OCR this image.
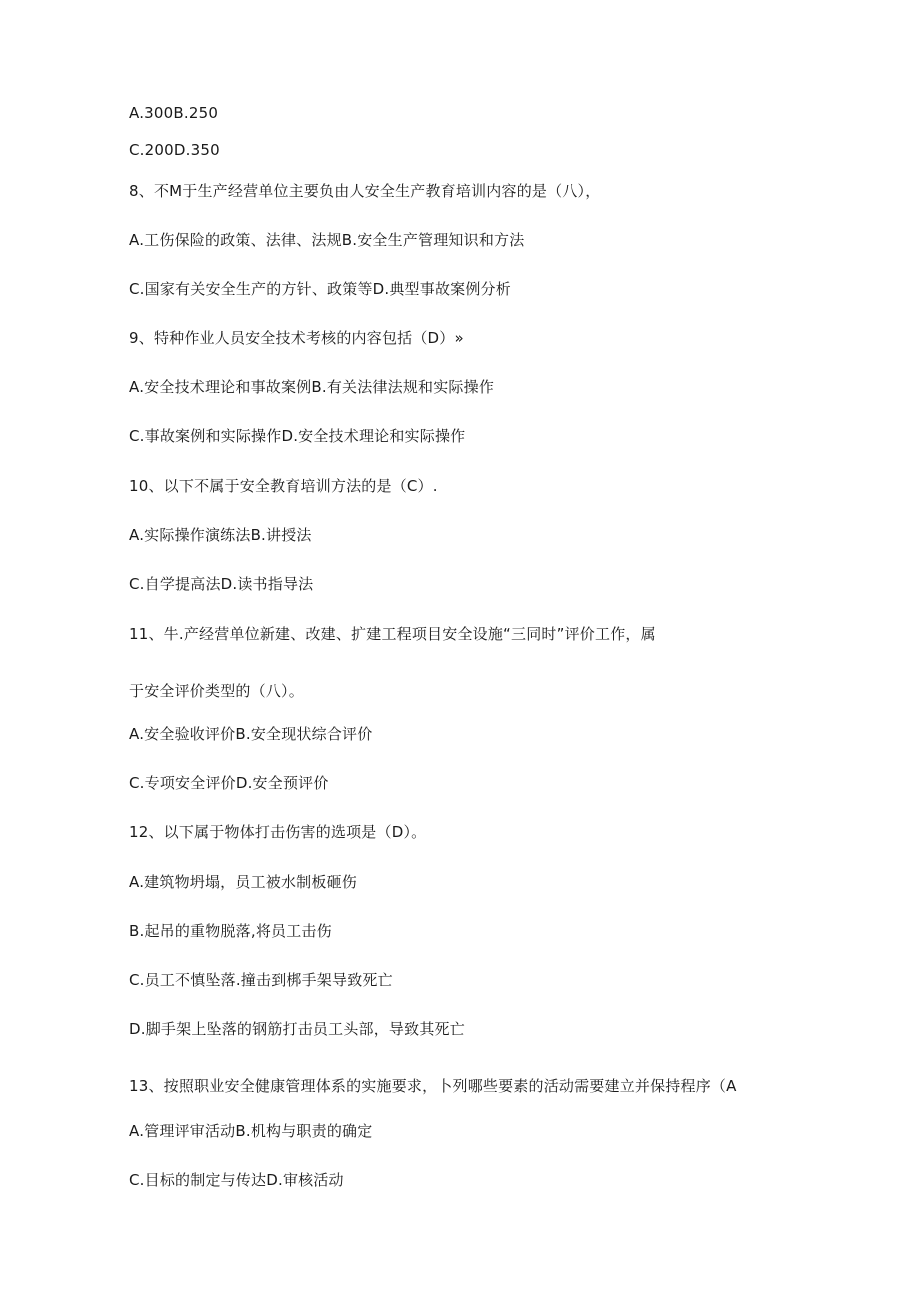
A.300B.250
C.200D.350
8、不M于生产经营单位主要负由人安全生产教育培训内容的是（八），
A.工伤保险的政策、法律、法规B.安全生产管理知识和方法
C.国家有关安全生产的方针、政策等D.典型事故案例分析
9、特种作业人员安全技术考核的内容包括（D）»
A.安全技术理论和事故案例B.有关法律法规和实际操作
C.事故案例和实际操作D.安全技术理论和实际操作
10、以下不属于安全教育培训方法的是（C）.
A.实际操作演练法B.讲授法
C.自学提高法D.读书指导法
11、牛.产经营单位新建、改建、扩建工程项目安全设施“三同时”评价工作，属
于安全评价类型的（八）。
A.安全验收评价B.安全现状综合评价
C.专项安全评价D.安全预评价
12、以下属于物体打击伤害的选项是（D）。
A.建筑物坍塌，员工被水制板砸伤
B.起吊的重物脱落,将员工击伤
C.员工不慎坠落.撞击到梆手架导致死亡
D.脚手架上坠落的钢筋打击员工头部，导致其死亡
13、按照职业安全健康管理体系的实施要求，卜列哪些要素的活动需要建立并保持程序（A
A.管理评审活动B.机构与职责的确定
C.目标的制定与传达D.审核活动
